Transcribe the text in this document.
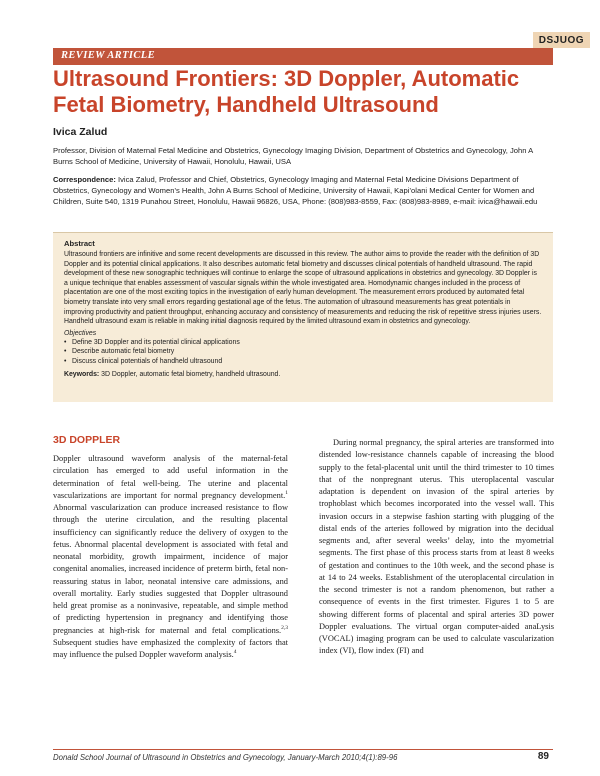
DSJUOG
REVIEW ARTICLE
Ultrasound Frontiers: 3D Doppler, Automatic Fetal Biometry, Handheld Ultrasound

Ivica Zalud

Professor, Division of Maternal Fetal Medicine and Obstetrics, Gynecology Imaging Division, Department of Obstetrics and Gynecology, John A Burns School of Medicine, University of Hawaii, Honolulu, Hawaii, USA

Correspondence: Ivica Zalud, Professor and Chief, Obstetrics, Gynecology Imaging and Maternal Fetal Medicine Divisions Department of Obstetrics, Gynecology and Women’s Health, John A Burns School of Medicine, University of Hawaii, Kapi’olani Medical Center for Women and Children, Suite 540, 1319 Punahou Street, Honolulu, Hawaii 96826, USA, Phone: (808)983-8559, Fax: (808)983-8989, e-mail: ivica@hawaii.edu

Abstract

Ultrasound frontiers are infinitive and some recent developments are discussed in this review. The author aims to provide the reader with the definition of 3D Doppler and its potential clinical applications. It also describes automatic fetal biometry and discusses clinical potentials of handheld ultrasound. The rapid development of these new sonographic techniques will continue to enlarge the scope of ultrasound applications in obstetrics and gynecology. 3D Doppler is a unique technique that enables assessment of vascular signals within the whole investigated area. Homodynamic changes included in the process of placentation are one of the most exciting topics in the investigation of early human development. The measurement errors produced by automated fetal biometry translate into very small errors regarding gestational age of the fetus. The automation of ultrasound measurements has great potentials in improving productivity and patient throughput, enhancing accuracy and consistency of measurements and reducing the risk of repetitive stress injuries users. Handheld ultrasound exam is reliable in making initial diagnosis required by the limited ultrasound exam in obstetrics and gynecology.

Objectives

• Define 3D Doppler and its potential clinical applications
• Describe automatic fetal biometry
• Discuss clinical potentials of handheld ultrasound
Keywords: 3D Doppler, automatic fetal biometry, handheld ultrasound.
3D DOPPLER

Doppler ultrasound waveform analysis of the maternal-fetal circulation has emerged to add useful information in the determination of fetal well-being. The uterine and placental vascularizations are important for normal pregnancy development.$^1$ Abnormal vascularization can produce increased resistance to flow through the uterine circulation, and the resulting placental insufficiency can significantly reduce the delivery of oxygen to the fetus. Abnormal placental development is associated with fetal and neonatal morbidity, growth impairment, incidence of major congenital anomalies, increased incidence of preterm birth, fetal non-reassuring status in labor, neonatal intensive care admissions, and overall mortality. Early studies suggested that Doppler ultrasound held great promise as a noninvasive, repeatable, and simple method of predicting hypertension in pregnancy and identifying those pregnancies at high-risk for maternal and fetal complications.$^{2,3}$ Subsequent studies have emphasized the complexity of factors that may influence the pulsed Doppler waveform analysis.$^4$

During normal pregnancy, the spiral arteries are transformed into distended low-resistance channels capable of increasing the blood supply to the fetal-placental unit until the third trimester to 10 times that of the nonpregnant uterus. This uteroplacental vascular adaptation is dependent on invasion of the spiral arteries by trophoblast which becomes incorporated into the vessel wall. This invasion occurs in a stepwise fashion starting with plugging of the distal ends of the arteries followed by migration into the decidual segments and, after several weeks’ delay, into the myometrial segments. The first phase of this process starts from at least 8 weeks of gestation and continues to the 10th week, and the second phase is at 14 to 24 weeks. Establishment of the uteroplacental circulation in the second trimester is not a random phenomenon, but rather a consequence of events in the first trimester. Figures 1 to 5 are showing different forms of placental and spiral arteries 3D power Doppler evaluations. The virtual organ computer-aided anaLysis (VOCAL) imaging program can be used to calculate vascularization index (VI), flow index (FI) and

Donald School Journal of Ultrasound in Obstetrics and Gynecology, January-March 2010;4(1):89-96	89
